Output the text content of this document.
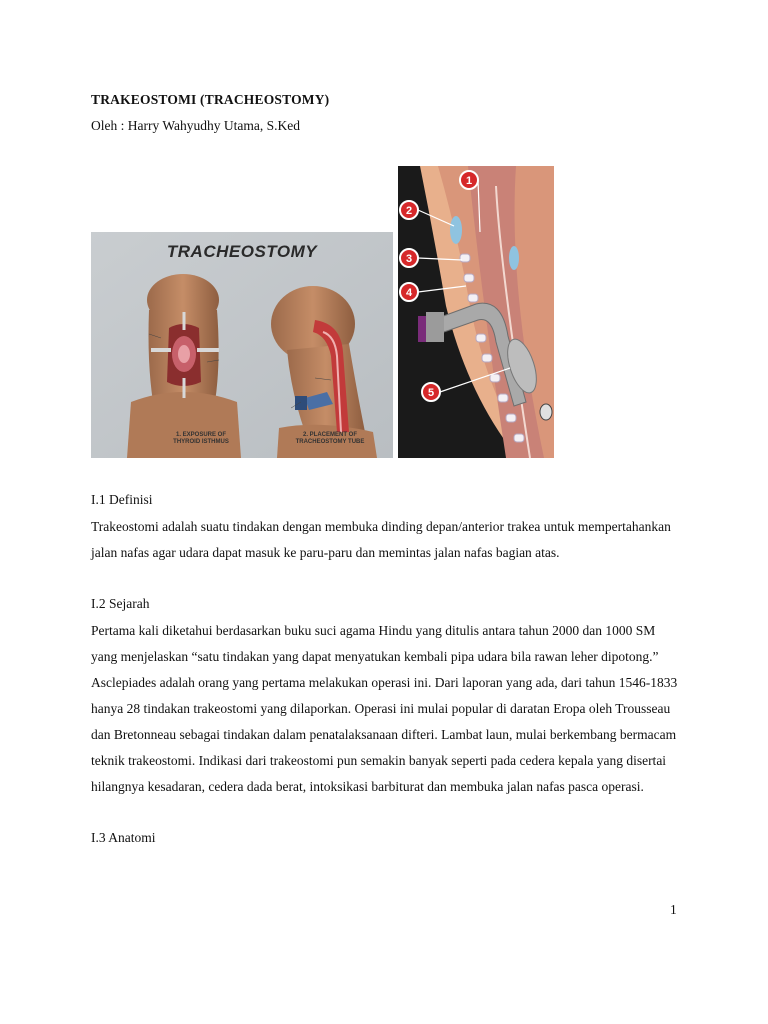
TRAKEOSTOMI (TRACHEOSTOMY)
Oleh : Harry Wahyudhy Utama, S.Ked
TRACHEOSTOMY
1. EXPOSURE OF
THYROID ISTHMUS
2. PLACEMENT OF
TRACHEOSTOMY TUBE
1
2
3
4
5
I.1 Definisi

Trakeostomi adalah suatu tindakan dengan membuka dinding depan/anterior trakea untuk mempertahankan jalan nafas agar udara dapat masuk ke paru-paru dan memintas jalan nafas bagian atas.

I.2 Sejarah

Pertama kali diketahui berdasarkan buku suci agama Hindu yang ditulis antara tahun 2000 dan 1000 SM yang menjelaskan “satu tindakan yang dapat menyatukan kembali pipa udara bila rawan leher dipotong.” Asclepiades adalah orang yang pertama melakukan operasi ini. Dari laporan yang ada, dari tahun 1546-1833 hanya 28 tindakan trakeostomi yang dilaporkan. Operasi ini mulai popular di daratan Eropa oleh Trousseau dan Bretonneau sebagai tindakan dalam penatalaksanaan difteri. Lambat laun, mulai berkembang bermacam teknik trakeostomi. Indikasi dari trakeostomi pun semakin banyak seperti pada cedera kepala yang disertai hilangnya kesadaran, cedera dada berat, intoksikasi barbiturat dan membuka jalan nafas pasca operasi.

I.3 Anatomi
1
